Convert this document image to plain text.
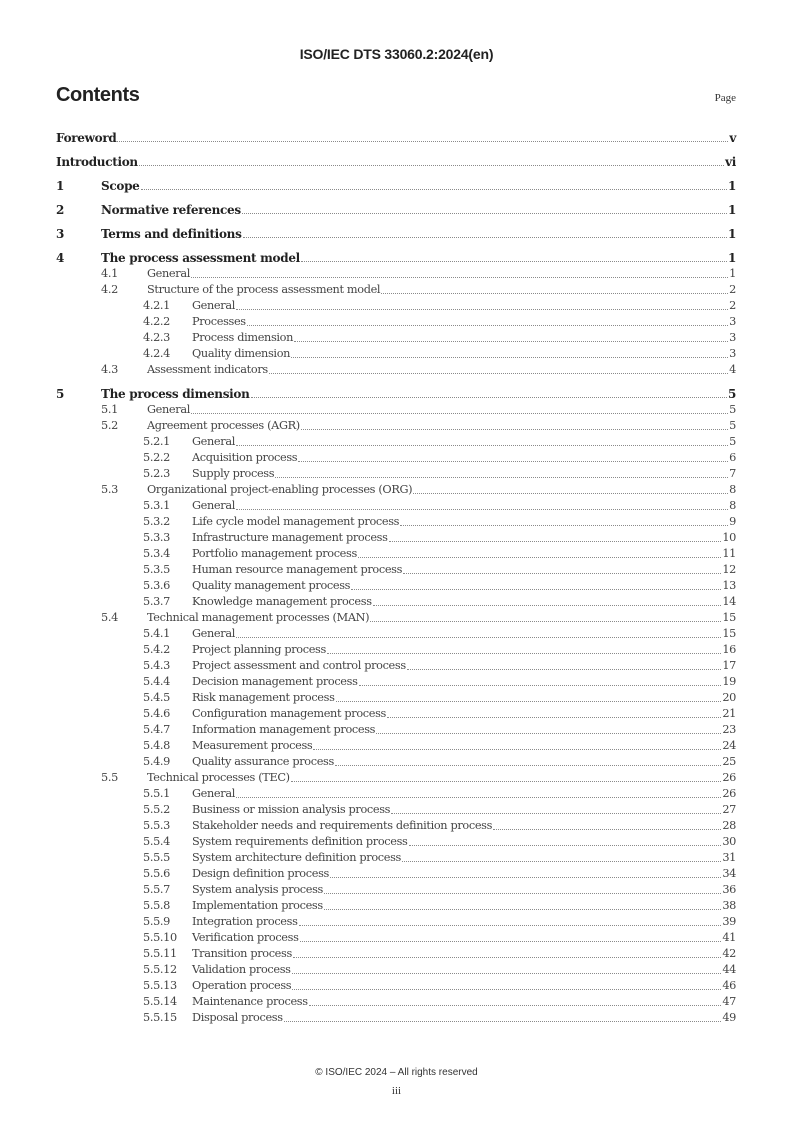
ISO/IEC DTS 33060.2:2024(en)
Contents	Page
Foreword	v
Introduction	vi
1	Scope	1
2	Normative references	1
3	Terms and definitions	1
4	The process assessment model	1
4.1	General	1
4.2	Structure of the process assessment model	2
4.2.1	General	2
4.2.2	Processes	3
4.2.3	Process dimension	3
4.2.4	Quality dimension	3
4.3	Assessment indicators	4
5	The process dimension	5
5.1	General	5
5.2	Agreement processes (AGR)	5
5.2.1	General	5
5.2.2	Acquisition process	6
5.2.3	Supply process	7
5.3	Organizational project-enabling processes (ORG)	8
5.3.1	General	8
5.3.2	Life cycle model management process	9
5.3.3	Infrastructure management process	10
5.3.4	Portfolio management process	11
5.3.5	Human resource management process	12
5.3.6	Quality management process	13
5.3.7	Knowledge management process	14
5.4	Technical management processes (MAN)	15
5.4.1	General	15
5.4.2	Project planning process	16
5.4.3	Project assessment and control process	17
5.4.4	Decision management process	19
5.4.5	Risk management process	20
5.4.6	Configuration management process	21
5.4.7	Information management process	23
5.4.8	Measurement process	24
5.4.9	Quality assurance process	25
5.5	Technical processes (TEC)	26
5.5.1	General	26
5.5.2	Business or mission analysis process	27
5.5.3	Stakeholder needs and requirements definition process	28
5.5.4	System requirements definition process	30
5.5.5	System architecture definition process	31
5.5.6	Design definition process	34
5.5.7	System analysis process	36
5.5.8	Implementation process	38
5.5.9	Integration process	39
5.5.10	Verification process	41
5.5.11	Transition process	42
5.5.12	Validation process	44
5.5.13	Operation process	46
5.5.14	Maintenance process	47
5.5.15	Disposal process	49
© ISO/IEC 2024 – All rights reserved
iii
